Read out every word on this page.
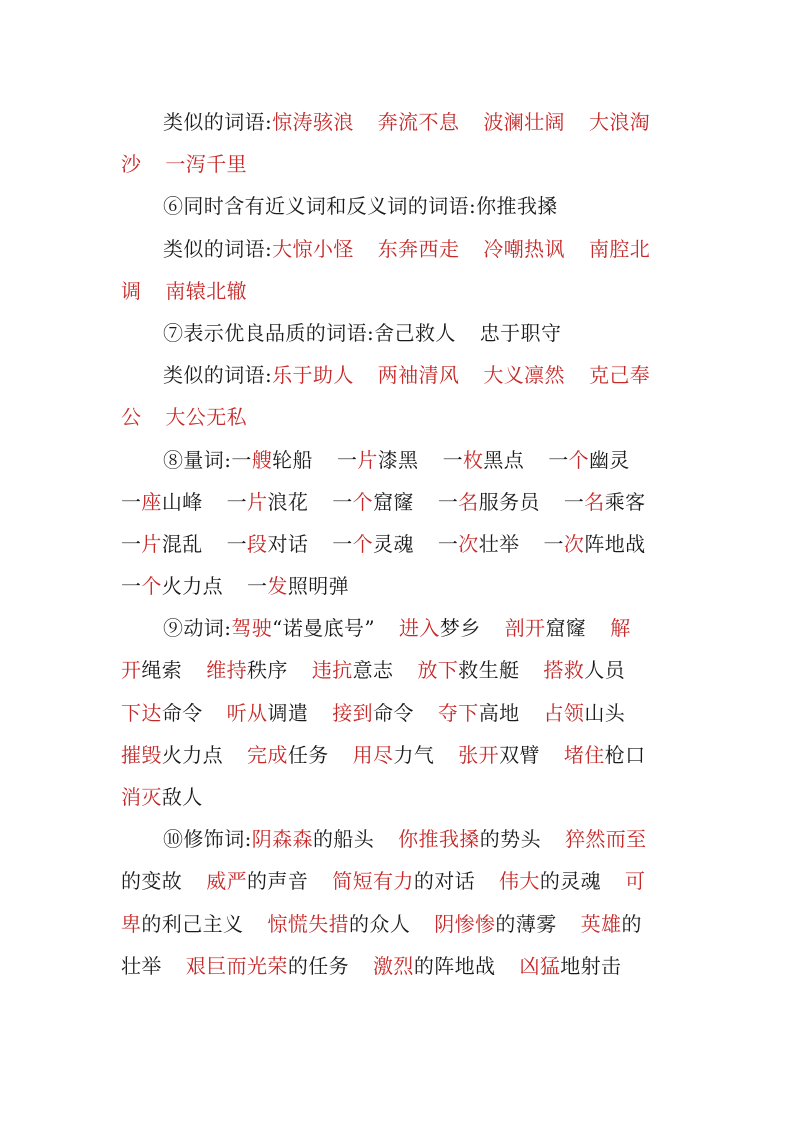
类似的词语:惊涛骇浪 奔流不息 波澜壮阔 大浪淘
沙 一泻千里
⑥同时含有近义词和反义词的词语:你推我搡
类似的词语:大惊小怪 东奔西走 冷嘲热讽 南腔北
调 南辕北辙
⑦表示优良品质的词语:舍己救人 忠于职守
类似的词语:乐于助人 两袖清风 大义凛然 克己奉
公 大公无私
⑧量词:一艘轮船 一片漆黑 一枚黑点 一个幽灵
一座山峰 一片浪花 一个窟窿 一名服务员 一名乘客
一片混乱 一段对话 一个灵魂 一次壮举 一次阵地战
一个火力点 一发照明弹
⑨动词:驾驶“诺曼底号” 进入梦乡 剖开窟窿 解
开绳索 维持秩序 违抗意志 放下救生艇 搭救人员
下达命令 听从调遣 接到命令 夺下高地 占领山头
摧毁火力点 完成任务 用尽力气 张开双臂 堵住枪口
消灭敌人
⑩修饰词:阴森森的船头 你推我搡的势头 猝然而至
的变故 威严的声音 简短有力的对话 伟大的灵魂 可
卑的利己主义 惊慌失措的众人 阴惨惨的薄雾 英雄的
壮举 艰巨而光荣的任务 激烈的阵地战 凶猛地射击
